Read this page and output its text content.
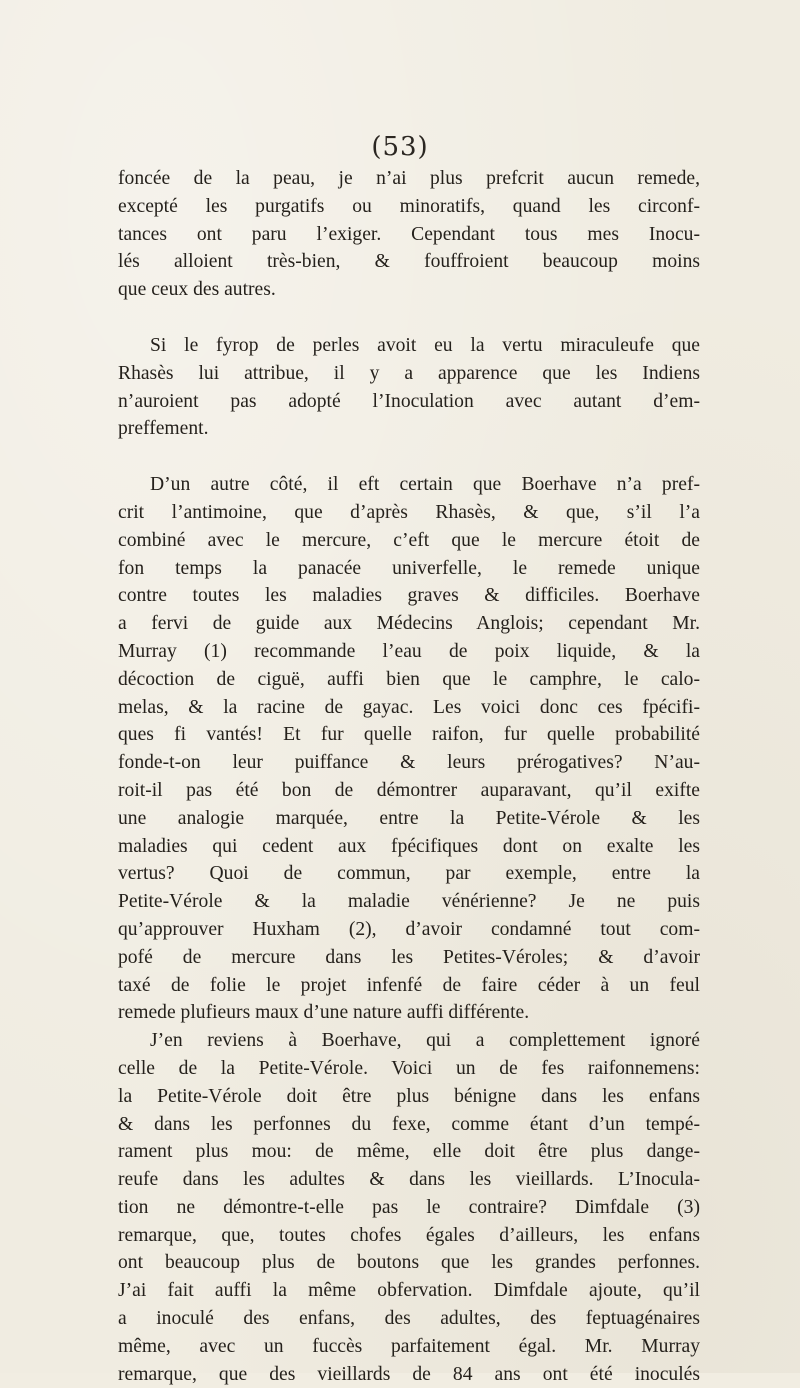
(53)
foncée de la peau, je n’ai plus prefcrit aucun remede,
excepté les purgatifs ou minoratifs, quand les circonf-
tances ont paru l’exiger. Cependant tous mes Inocu-
lés alloient très-bien, & fouffroient beaucoup moins
que ceux des autres.
Si le fyrop de perles avoit eu la vertu miraculeufe que
Rhasès lui attribue, il y a apparence que les Indiens
n’auroient pas adopté l’Inoculation avec autant d’em-
preffement.
D’un autre côté, il eft certain que Boerhave n’a pref-
crit l’antimoine, que d’après Rhasès, & que, s’il l’a
combiné avec le mercure, c’eft que le mercure étoit de
fon temps la panacée univerfelle, le remede unique
contre toutes les maladies graves & difficiles. Boerhave
a fervi de guide aux Médecins Anglois; cependant Mr.
Murray (1) recommande l’eau de poix liquide, & la
décoction de ciguë, auffi bien que le camphre, le calo-
melas, & la racine de gayac. Les voici donc ces fpécifi-
ques fi vantés! Et fur quelle raifon, fur quelle probabilité
fonde-t-on leur puiffance & leurs prérogatives? N’au-
roit-il pas été bon de démontrer auparavant, qu’il exifte
une analogie marquée, entre la Petite-Vérole & les
maladies qui cedent aux fpécifiques dont on exalte les
vertus? Quoi de commun, par exemple, entre la
Petite-Vérole & la maladie vénérienne? Je ne puis
qu’approuver Huxham (2), d’avoir condamné tout com-
pofé de mercure dans les Petites-Véroles; & d’avoir
taxé de folie le projet infenfé de faire céder à un feul
remede plufieurs maux d’une nature auffi différente.
J’en reviens à Boerhave, qui a complettement ignoré
celle de la Petite-Vérole. Voici un de fes raifonnemens:
la Petite-Vérole doit être plus bénigne dans les enfans
& dans les perfonnes du fexe, comme étant d’un tempé-
rament plus mou: de même, elle doit être plus dange-
reufe dans les adultes & dans les vieillards. L’Inocula-
tion ne démontre-t-elle pas le contraire? Dimfdale (3)
remarque, que, toutes chofes égales d’ailleurs, les enfans
ont beaucoup plus de boutons que les grandes perfonnes.
J’ai fait auffi la même obfervation. Dimfdale ajoute, qu’il
a inoculé des enfans, des adultes, des feptuagénaires
même, avec un fuccès parfaitement égal. Mr. Murray
remarque, que des vieillards de 84 ans ont été inoculés
